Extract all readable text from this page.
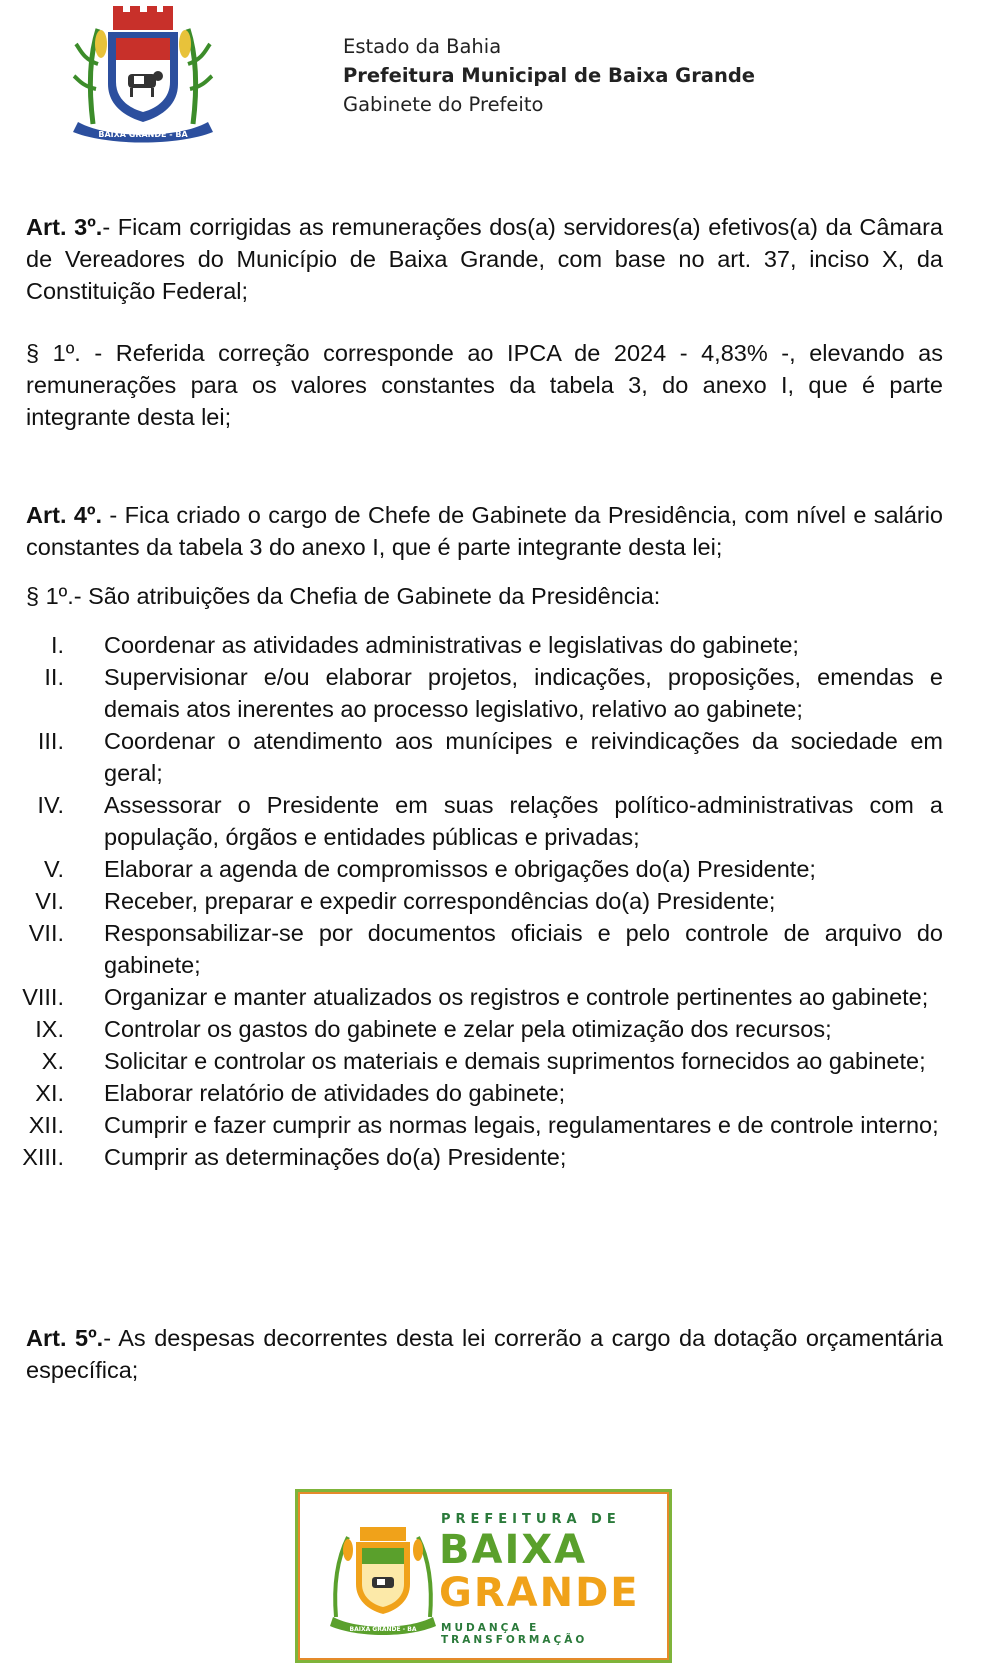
BAIXA GRANDE - BA
Estado da Bahia
Prefeitura Municipal de Baixa Grande
Gabinete do Prefeito

Art. 3º.- Ficam corrigidas as remunerações dos(a) servidores(a) efetivos(a) da Câmara de Vereadores do Município de Baixa Grande, com base no art. 37, inciso X, da Constituição Federal;

§ 1º. - Referida correção corresponde ao IPCA de 2024 - 4,83% -, elevando as remunerações para os valores constantes da tabela 3, do anexo I, que é parte integrante desta lei;

Art. 4º. - Fica criado o cargo de Chefe de Gabinete da Presidência, com nível e salário constantes da tabela 3 do anexo I, que é parte integrante desta lei;

§ 1º.- São atribuições da Chefia de Gabinete da Presidência:

I. Coordenar as atividades administrativas e legislativas do gabinete;
II. Supervisionar e/ou elaborar projetos, indicações, proposições, emendas e demais atos inerentes ao processo legislativo, relativo ao gabinete;
III. Coordenar o atendimento aos munícipes e reivindicações da sociedade em geral;
IV. Assessorar o Presidente em suas relações político-administrativas com a população, órgãos e entidades públicas e privadas;
V. Elaborar a agenda de compromissos e obrigações do(a) Presidente;
VI. Receber, preparar e expedir correspondências do(a) Presidente;
VII. Responsabilizar-se por documentos oficiais e pelo controle de arquivo do gabinete;
VIII. Organizar e manter atualizados os registros e controle pertinentes ao gabinete;
IX. Controlar os gastos do gabinete e zelar pela otimização dos recursos;
X. Solicitar e controlar os materiais e demais suprimentos fornecidos ao gabinete;
XI. Elaborar relatório de atividades do gabinete;
XII. Cumprir e fazer cumprir as normas legais, regulamentares e de controle interno;
XIII. Cumprir as determinações do(a) Presidente;

Art. 5º.- As despesas decorrentes desta lei correrão a cargo da dotação orçamentária específica;

BAIXA GRANDE - BA
PREFEITURA DE
BAIXA
GRANDE
MUDANÇA E TRANSFORMAÇÃO
